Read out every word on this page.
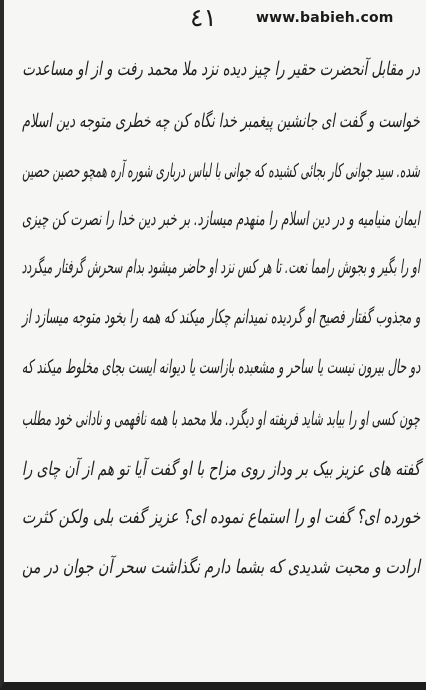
٤١	www.babieh.com
در مقابل آنحضرت حقیر را چیز دیده نزد ملا محمد رفت و از او مساعدت
خواست و گفت ای جانشین پیغمبر خدا نگاه کن چه خطری متوجه دین اسلام
شده. سید جوانی کار بجائی کشیده که جوانی با لباس درباری شوره آره همچو حصین حصین
ایمان منیامیه و در دین اسلام را منهدم میسازد. بر خبر دین خدا را نصرت کن چیزی
او را بگیر و بجوش رامما نعت. تا هر کس نزد او حاضر میشود بدام سحرش گرفتار میگردد
و مجذوب گفتار فصیح او گردیده نمیدانم چکار میکند که همه را بخود متوجه میسازد از
دو حال بیرون نیست یا ساحر و مشعبده بازاست یا دیوانه ایست بجای مخلوط میکند که
چون کسی او را بیابد شاید فریفته او دیگرد. ملا محمد با همه نافهمی و نادانی خود مطلب
گفته های عزیز بیک بر وداز روی مزاح با او گفت آیا تو هم از آن چای را
خورده ای؟ گفت او را استماع نموده ای؟ عزیز گفت بلی ولکن کثرت
ارادت و محبت شدیدی که بشما دارم نگذاشت سحر آن جوان در من
